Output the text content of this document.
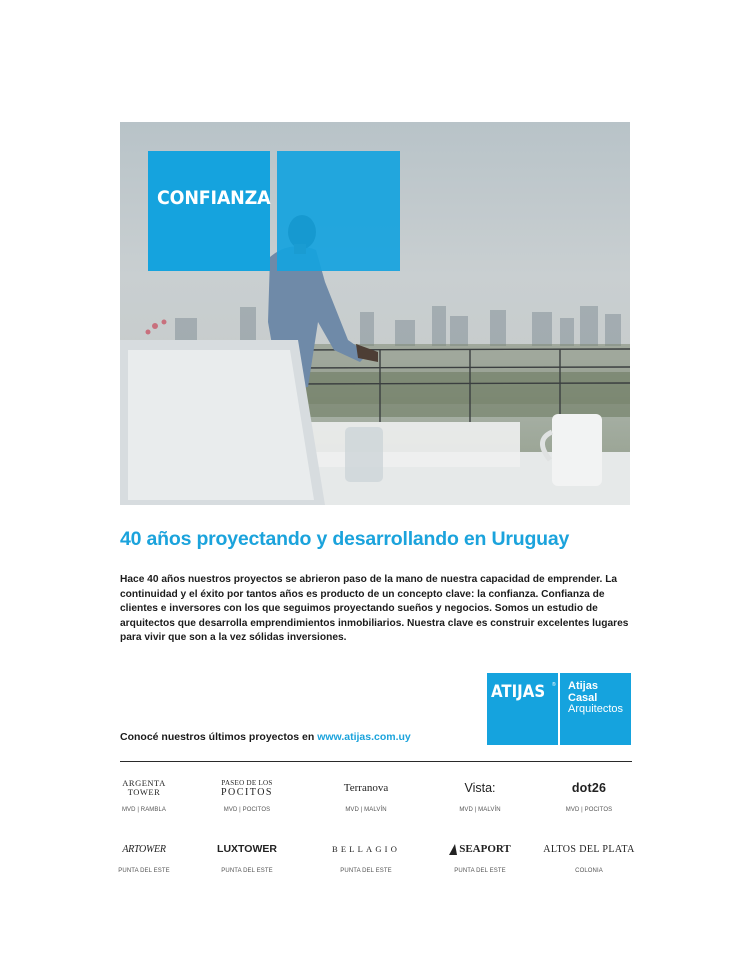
CONFIANZA
40 años proyectando y desarrollando en Uruguay
Hace 40 años nuestros proyectos se abrieron paso de la mano de nuestra capacidad de emprender. La continuidad y el éxito por tantos años es producto de un concepto clave: la confianza. Confianza de clientes e inversores con los que seguimos proyectando sueños y negocios. Somos un estudio de arquitectos que desarrolla emprendimientos inmobiliarios. Nuestra clave es construir excelentes lugares para vivir que son a la vez sólidas inversiones.
ATIJAS ® Atijas
Casal
Arquitectos
Conocé nuestros últimos proyectos en www.atijas.com.uy
ARGENTA
TOWER
MVD | RAMBLA
PASEO DE LOS
POCITOS
MVD | POCITOS
Terranova
MVD | MALVÍN
Vista:
MVD | MALVÍN
dot26
MVD | POCITOS
ARTOWER
PUNTA DEL ESTE
LUXTOWER
PUNTA DEL ESTE
BELLAGIO
PUNTA DEL ESTE
SEAPORT
PUNTA DEL ESTE
ALTOS DEL PLATA
COLONIA
